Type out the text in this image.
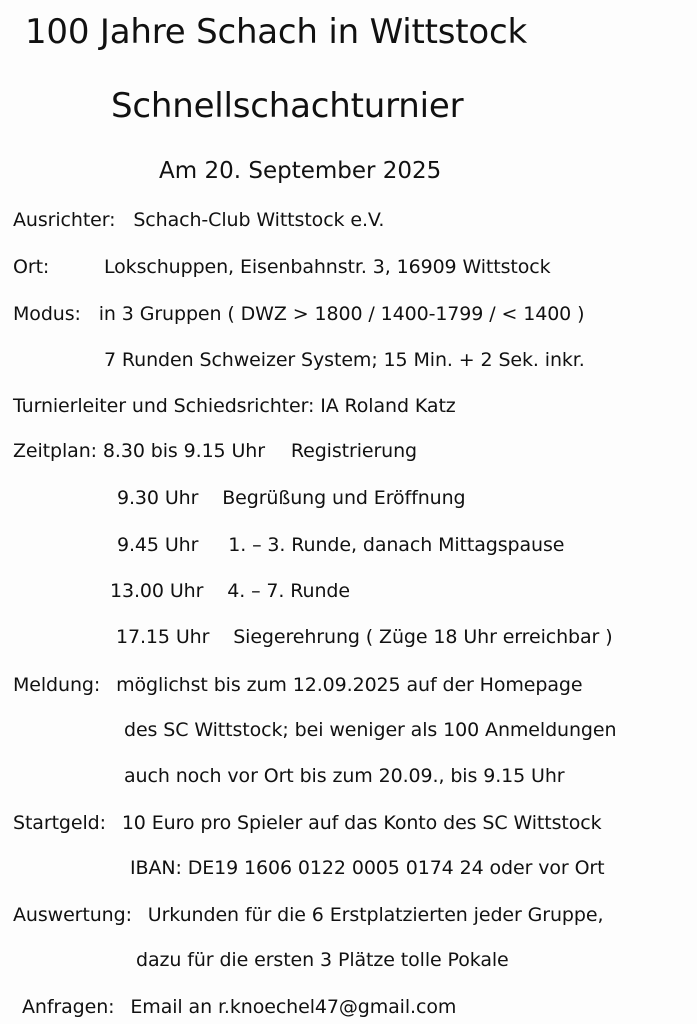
100 Jahre Schach in Wittstock
Schnellschachturnier
Am 20. September 2025
Ausrichter: Schach-Club Wittstock e.V.
Ort:	Lokschuppen, Eisenbahnstr. 3, 16909 Wittstock
Modus: in 3 Gruppen ( DWZ > 1800 / 1400-1799 / < 1400 )
7 Runden Schweizer System; 15 Min. + 2 Sek. inkr.
Turnierleiter und Schiedsrichter: IA Roland Katz
Zeitplan: 8.30 bis 9.15 Uhr Registrierung
9.30 Uhr Begrüßung und Eröffnung
9.45 Uhr 1. – 3. Runde, danach Mittagspause
13.00 Uhr 4. – 7. Runde
17.15 Uhr Siegerehrung ( Züge 18 Uhr erreichbar )
Meldung: möglichst bis zum 12.09.2025 auf der Homepage
des SC Wittstock; bei weniger als 100 Anmeldungen
auch noch vor Ort bis zum 20.09., bis 9.15 Uhr
Startgeld: 10 Euro pro Spieler auf das Konto des SC Wittstock
IBAN: DE19 1606 0122 0005 0174 24 oder vor Ort
Auswertung: Urkunden für die 6 Erstplatzierten jeder Gruppe,
dazu für die ersten 3 Plätze tolle Pokale
Anfragen: Email an r.knoechel47@gmail.com
